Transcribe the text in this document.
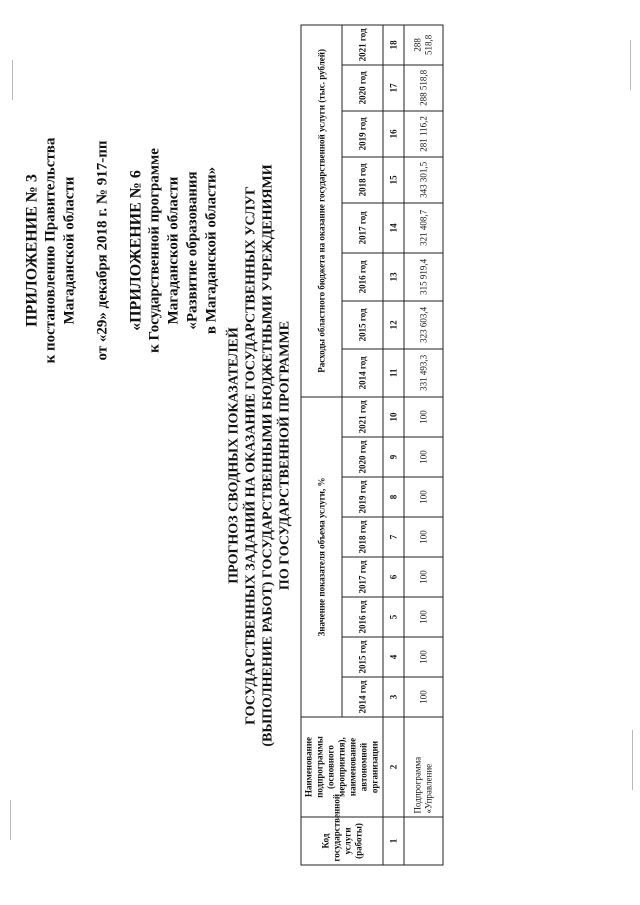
ПРИЛОЖЕНИЕ № 3 к постановлению Правительства Магаданской области от «29» декабря 2018 г. № 917-пп «ПРИЛОЖЕНИЕ № 6 к Государственной программе Магаданской области «Развитие образования в Магаданской области»
ПРОГНОЗ СВОДНЫХ ПОКАЗАТЕЛЕЙ ГОСУДАРСТВЕННЫХ ЗАДАНИЙ НА ОКАЗАНИЕ ГОСУДАРСТВЕННЫХ УСЛУГ (ВЫПОЛНЕНИЕ РАБОТ) ГОСУДАРСТВЕННЫМИ БЮДЖЕТНЫМИ УЧРЕЖДЕНИЯМИ ПО ГОСУДАРСТВЕННОЙ ПРОГРАММЕ
Код государственной услуги (работы)	Наименование подпрограммы (основного мероприятия), наименование автономной организации	Значение показателя объема услуги, %								Расходы областного бюджета на оказание государственной услуги (тыс. рублей)							
		2014 год	2015 год	2016 год	2017 год	2018 год	2019 год	2020 год	2021 год	2014 год	2015 год	2016 год	2017 год	2018 год	2019 год	2020 год	2021 год
1	2	3	4	5	6	7	8	9	10	11	12	13	14	15	16	17	18
	Подпрограмма «Управление	100	100	100	100	100	100	100	100	331 493,3	323 603,4	315 919,4	321 408,7	343 301,5	281 116,2	288 518,8	288 518,8
